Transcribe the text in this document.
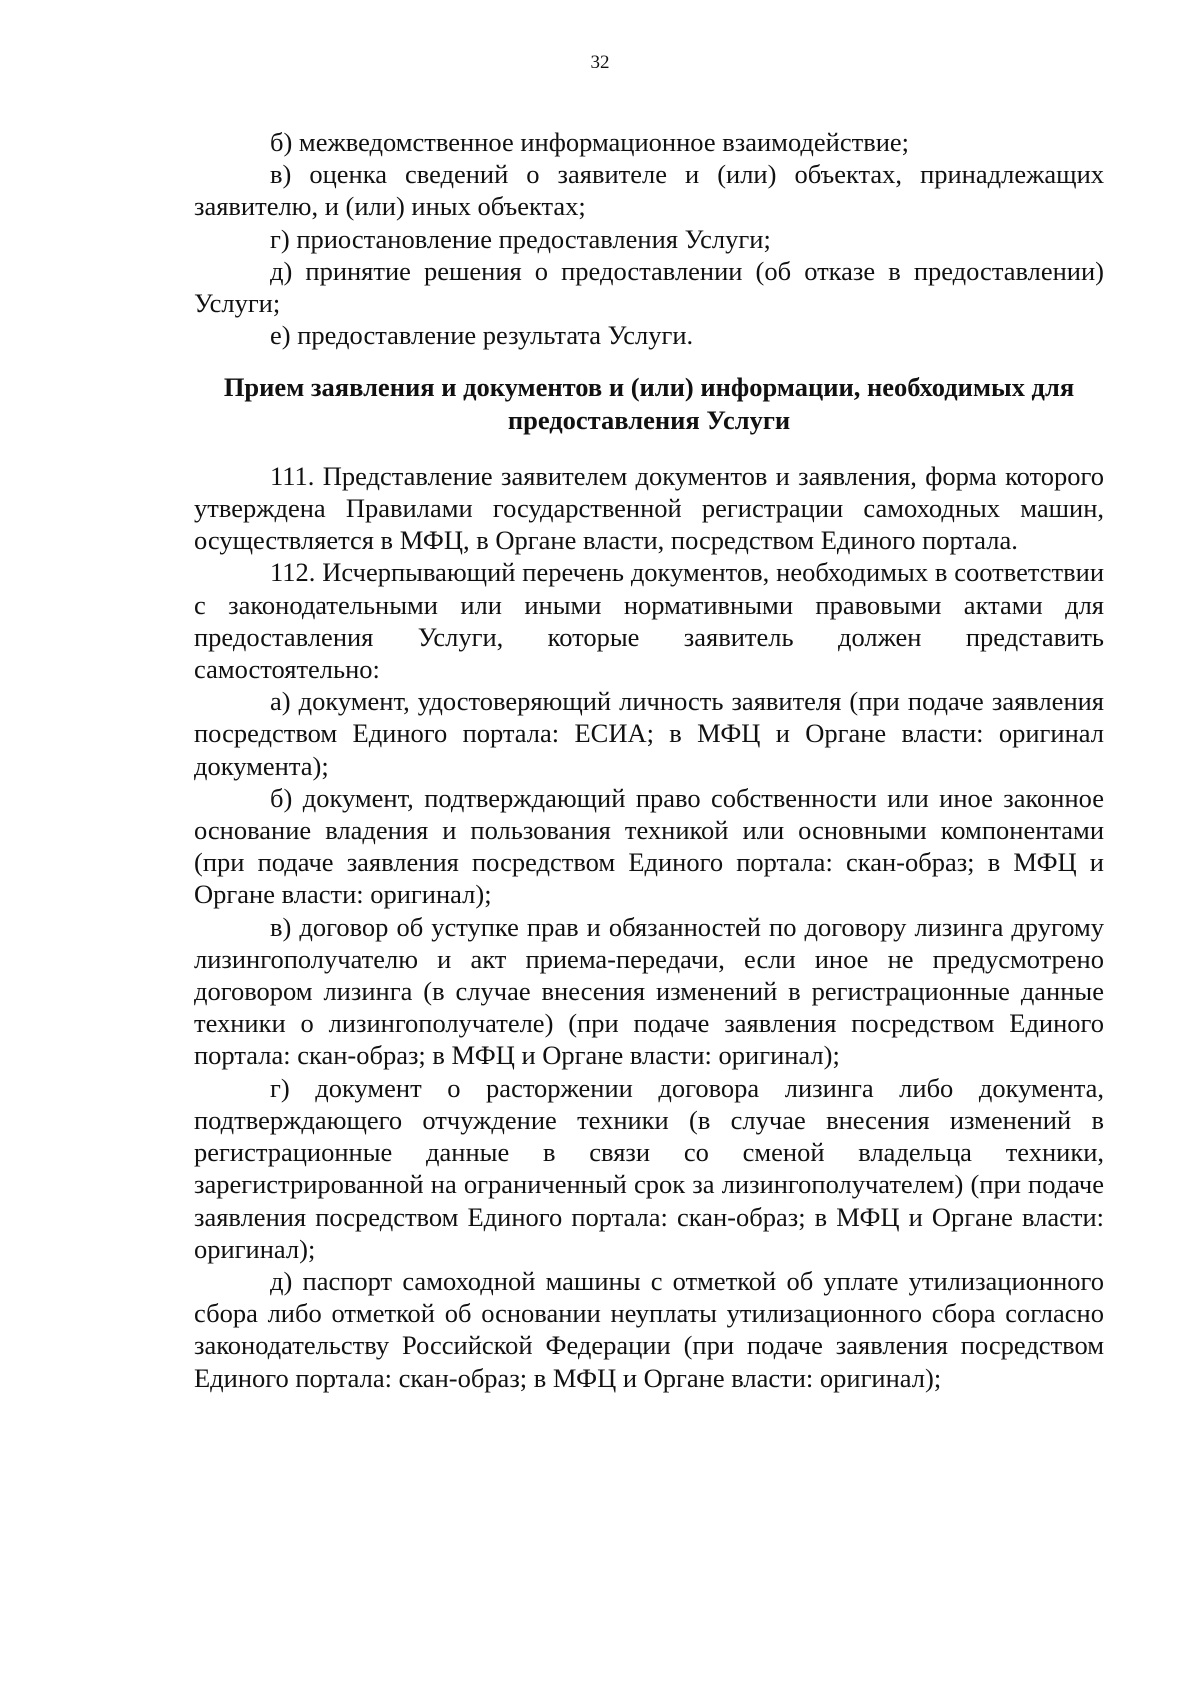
32

б) межведомственное информационное взаимодействие;

в) оценка сведений о заявителе и (или) объектах, принадлежащих заявителю, и (или) иных объектах;

г) приостановление предоставления Услуги;

д) принятие решения о предоставлении (об отказе в предоставлении) Услуги;

е) предоставление результата Услуги.

Прием заявления и документов и (или) информации, необходимых для
предоставления Услуги

111. Представление заявителем документов и заявления, форма которого утверждена Правилами государственной регистрации самоходных машин, осуществляется в МФЦ, в Органе власти, посредством Единого портала.

112. Исчерпывающий перечень документов, необходимых в соответствии с законодательными или иными нормативными правовыми актами для предоставления Услуги, которые заявитель должен представить самостоятельно:

а) документ, удостоверяющий личность заявителя (при подаче заявления посредством Единого портала: ЕСИА; в МФЦ и Органе власти: оригинал документа);

б) документ, подтверждающий право собственности или иное законное основание владения и пользования техникой или основными компонентами (при подаче заявления посредством Единого портала: скан-образ; в МФЦ и Органе власти: оригинал);

в) договор об уступке прав и обязанностей по договору лизинга другому лизингополучателю и акт приема-передачи, если иное не предусмотрено договором лизинга (в случае внесения изменений в регистрационные данные техники о лизингополучателе) (при подаче заявления посредством Единого портала: скан-образ; в МФЦ и Органе власти: оригинал);

г) документ о расторжении договора лизинга либо документа, подтверждающего отчуждение техники (в случае внесения изменений в регистрационные данные в связи со сменой владельца техники, зарегистрированной на ограниченный срок за лизингополучателем) (при подаче заявления посредством Единого портала: скан-образ; в МФЦ и Органе власти: оригинал);

д) паспорт самоходной машины с отметкой об уплате утилизационного сбора либо отметкой об основании неуплаты утилизационного сбора согласно законодательству Российской Федерации (при подаче заявления посредством Единого портала: скан-образ; в МФЦ и Органе власти: оригинал);
